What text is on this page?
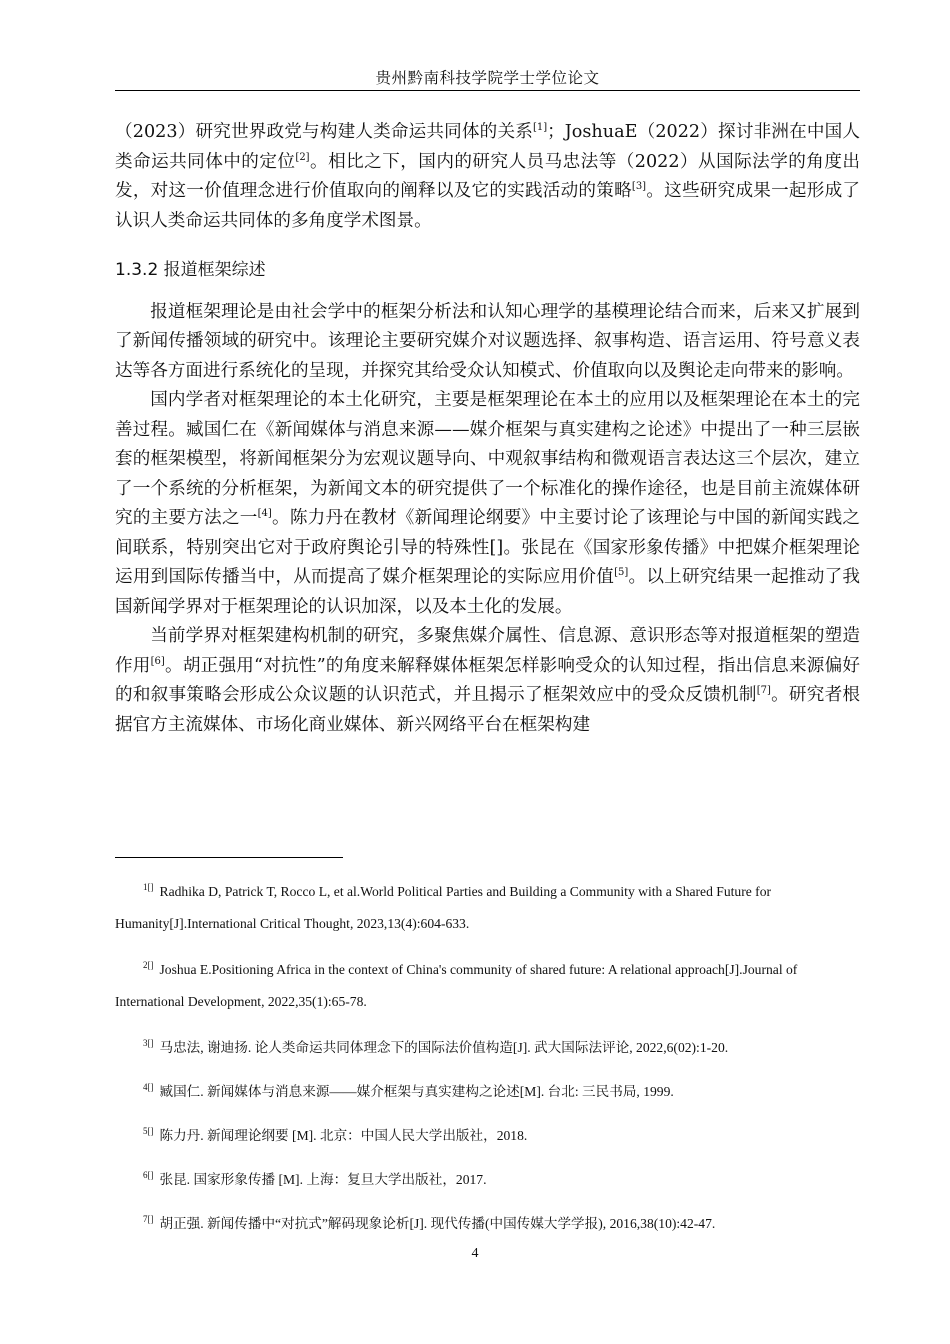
贵州黔南科技学院学士学位论文

（2023）研究世界政党与构建人类命运共同体的关系[1]；JoshuaE（2022）探讨非洲在中国人类命运共同体中的定位[2]。相比之下，国内的研究人员马忠法等（2022）从国际法学的角度出发，对这一价值理念进行价值取向的阐释以及它的实践活动的策略[3]。这些研究成果一起形成了认识人类命运共同体的多角度学术图景。

1.3.2 报道框架综述

报道框架理论是由社会学中的框架分析法和认知心理学的基模理论结合而来，后来又扩展到了新闻传播领域的研究中。该理论主要研究媒介对议题选择、叙事构造、语言运用、符号意义表达等各方面进行系统化的呈现，并探究其给受众认知模式、价值取向以及舆论走向带来的影响。

国内学者对框架理论的本土化研究，主要是框架理论在本土的应用以及框架理论在本土的完善过程。臧国仁在《新闻媒体与消息来源——媒介框架与真实建构之论述》中提出了一种三层嵌套的框架模型，将新闻框架分为宏观议题导向、中观叙事结构和微观语言表达这三个层次，建立了一个系统的分析框架，为新闻文本的研究提供了一个标准化的操作途径，也是目前主流媒体研究的主要方法之一[4]。陈力丹在教材《新闻理论纲要》中主要讨论了该理论与中国的新闻实践之间联系，特别突出它对于政府舆论引导的特殊性[]。张昆在《国家形象传播》中把媒介框架理论运用到国际传播当中，从而提高了媒介框架理论的实际应用价值[5]。以上研究结果一起推动了我国新闻学界对于框架理论的认识加深，以及本土化的发展。

当前学界对框架建构机制的研究，多聚焦媒介属性、信息源、意识形态等对报道框架的塑造作用[6]。胡正强用“对抗性”的角度来解释媒体框架怎样影响受众的认知过程，指出信息来源偏好的和叙事策略会形成公众议题的认识范式，并且揭示了框架效应中的受众反馈机制[7]。研究者根据官方主流媒体、市场化商业媒体、新兴网络平台在框架构建

$^{1[]}$ Radhika D, Patrick T, Rocco L, et al.World Political Parties and Building a Community with a Shared Future for Humanity[J].International Critical Thought, 2023,13(4):604-633.

$^{2[]}$ Joshua E.Positioning Africa in the context of China's community of shared future: A relational approach[J].Journal of International Development, 2022,35(1):65-78.

$^{3[]}$ 马忠法, 谢迪扬. 论人类命运共同体理念下的国际法价值构造[J]. 武大国际法评论, 2022,6(02):1-20.

$^{4[]}$ 臧国仁. 新闻媒体与消息来源——媒介框架与真实建构之论述[M]. 台北: 三民书局, 1999.

$^{5[]}$ 陈力丹. 新闻理论纲要 [M]. 北京：中国人民大学出版社，2018.

$^{6[]}$ 张昆. 国家形象传播 [M]. 上海：复旦大学出版社，2017.

$^{7[]}$ 胡正强. 新闻传播中“对抗式”解码现象论析[J]. 现代传播(中国传媒大学学报), 2016,38(10):42-47.

4
